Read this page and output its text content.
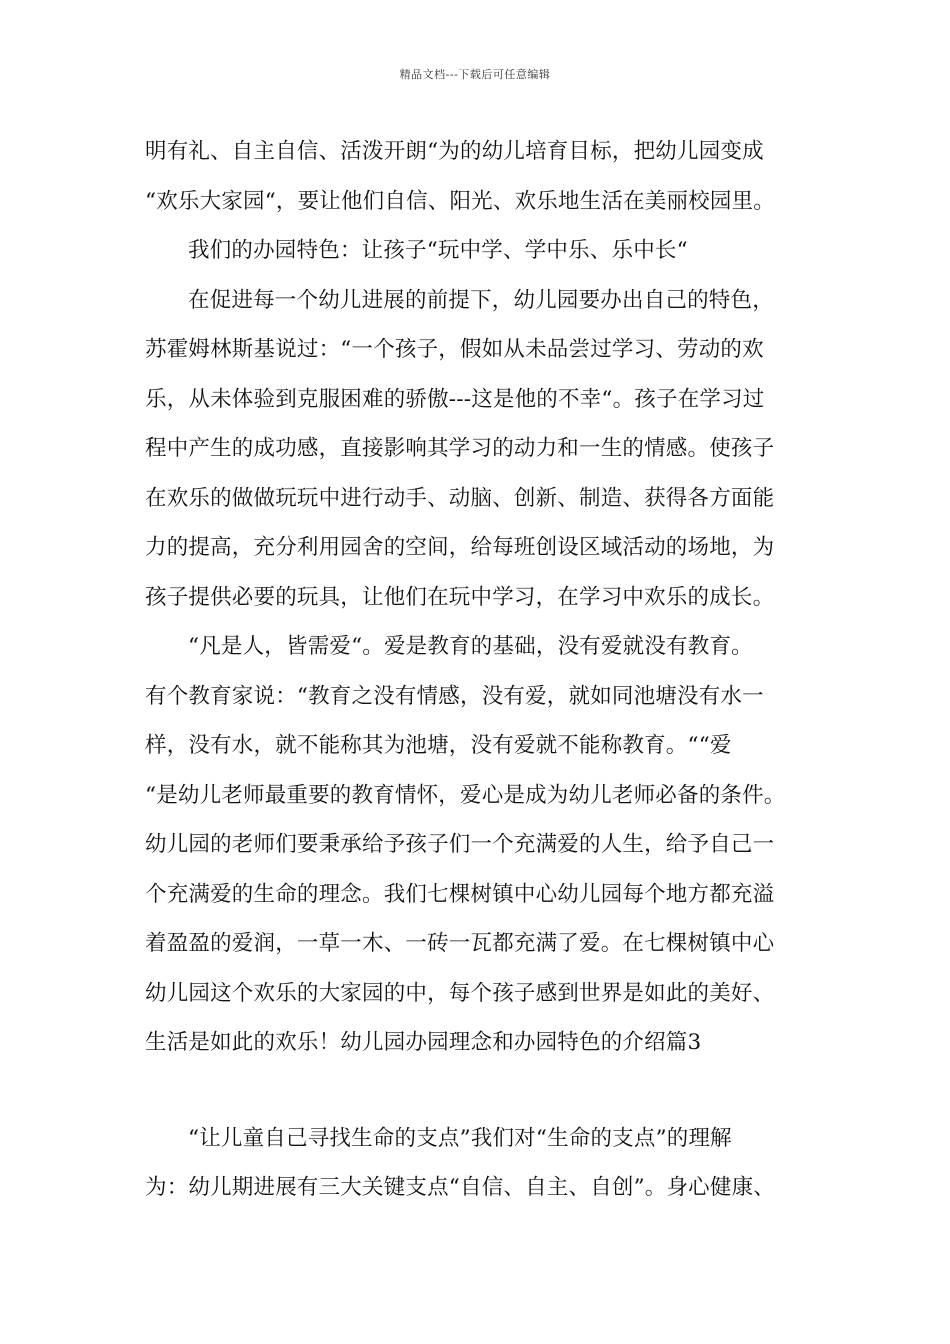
精品文档---下载后可任意编辑
明有礼、自主自信、活泼开朗“为的幼儿培育目标，把幼儿园变成
“欢乐大家园“，要让他们自信、阳光、欢乐地生活在美丽校园里。
我们的办园特色：让孩子“玩中学、学中乐、乐中长“
在促进每一个幼儿进展的前提下，幼儿园要办出自己的特色，
苏霍姆林斯基说过：“一个孩子，假如从未品尝过学习、劳动的欢
乐，从未体验到克服困难的骄傲---这是他的不幸“。孩子在学习过
程中产生的成功感，直接影响其学习的动力和一生的情感。使孩子
在欢乐的做做玩玩中进行动手、动脑、创新、制造、获得各方面能
力的提高，充分利用园舍的空间，给每班创设区域活动的场地，为
孩子提供必要的玩具，让他们在玩中学习，在学习中欢乐的成长。
“凡是人，皆需爱“。爱是教育的基础，没有爱就没有教育。
有个教育家说：“教育之没有情感，没有爱，就如同池塘没有水一
样，没有水，就不能称其为池塘，没有爱就不能称教育。““爱
“是幼儿老师最重要的教育情怀，爱心是成为幼儿老师必备的条件。
幼儿园的老师们要秉承给予孩子们一个充满爱的人生，给予自己一
个充满爱的生命的理念。我们七棵树镇中心幼儿园每个地方都充溢
着盈盈的爱润，一草一木、一砖一瓦都充满了爱。在七棵树镇中心
幼儿园这个欢乐的大家园的中，每个孩子感到世界是如此的美好、
生活是如此的欢乐！幼儿园办园理念和办园特色的介绍篇3
“让儿童自己寻找生命的支点”我们对“生命的支点”的理解
为：幼儿期进展有三大关键支点“自信、自主、自创”。身心健康、
